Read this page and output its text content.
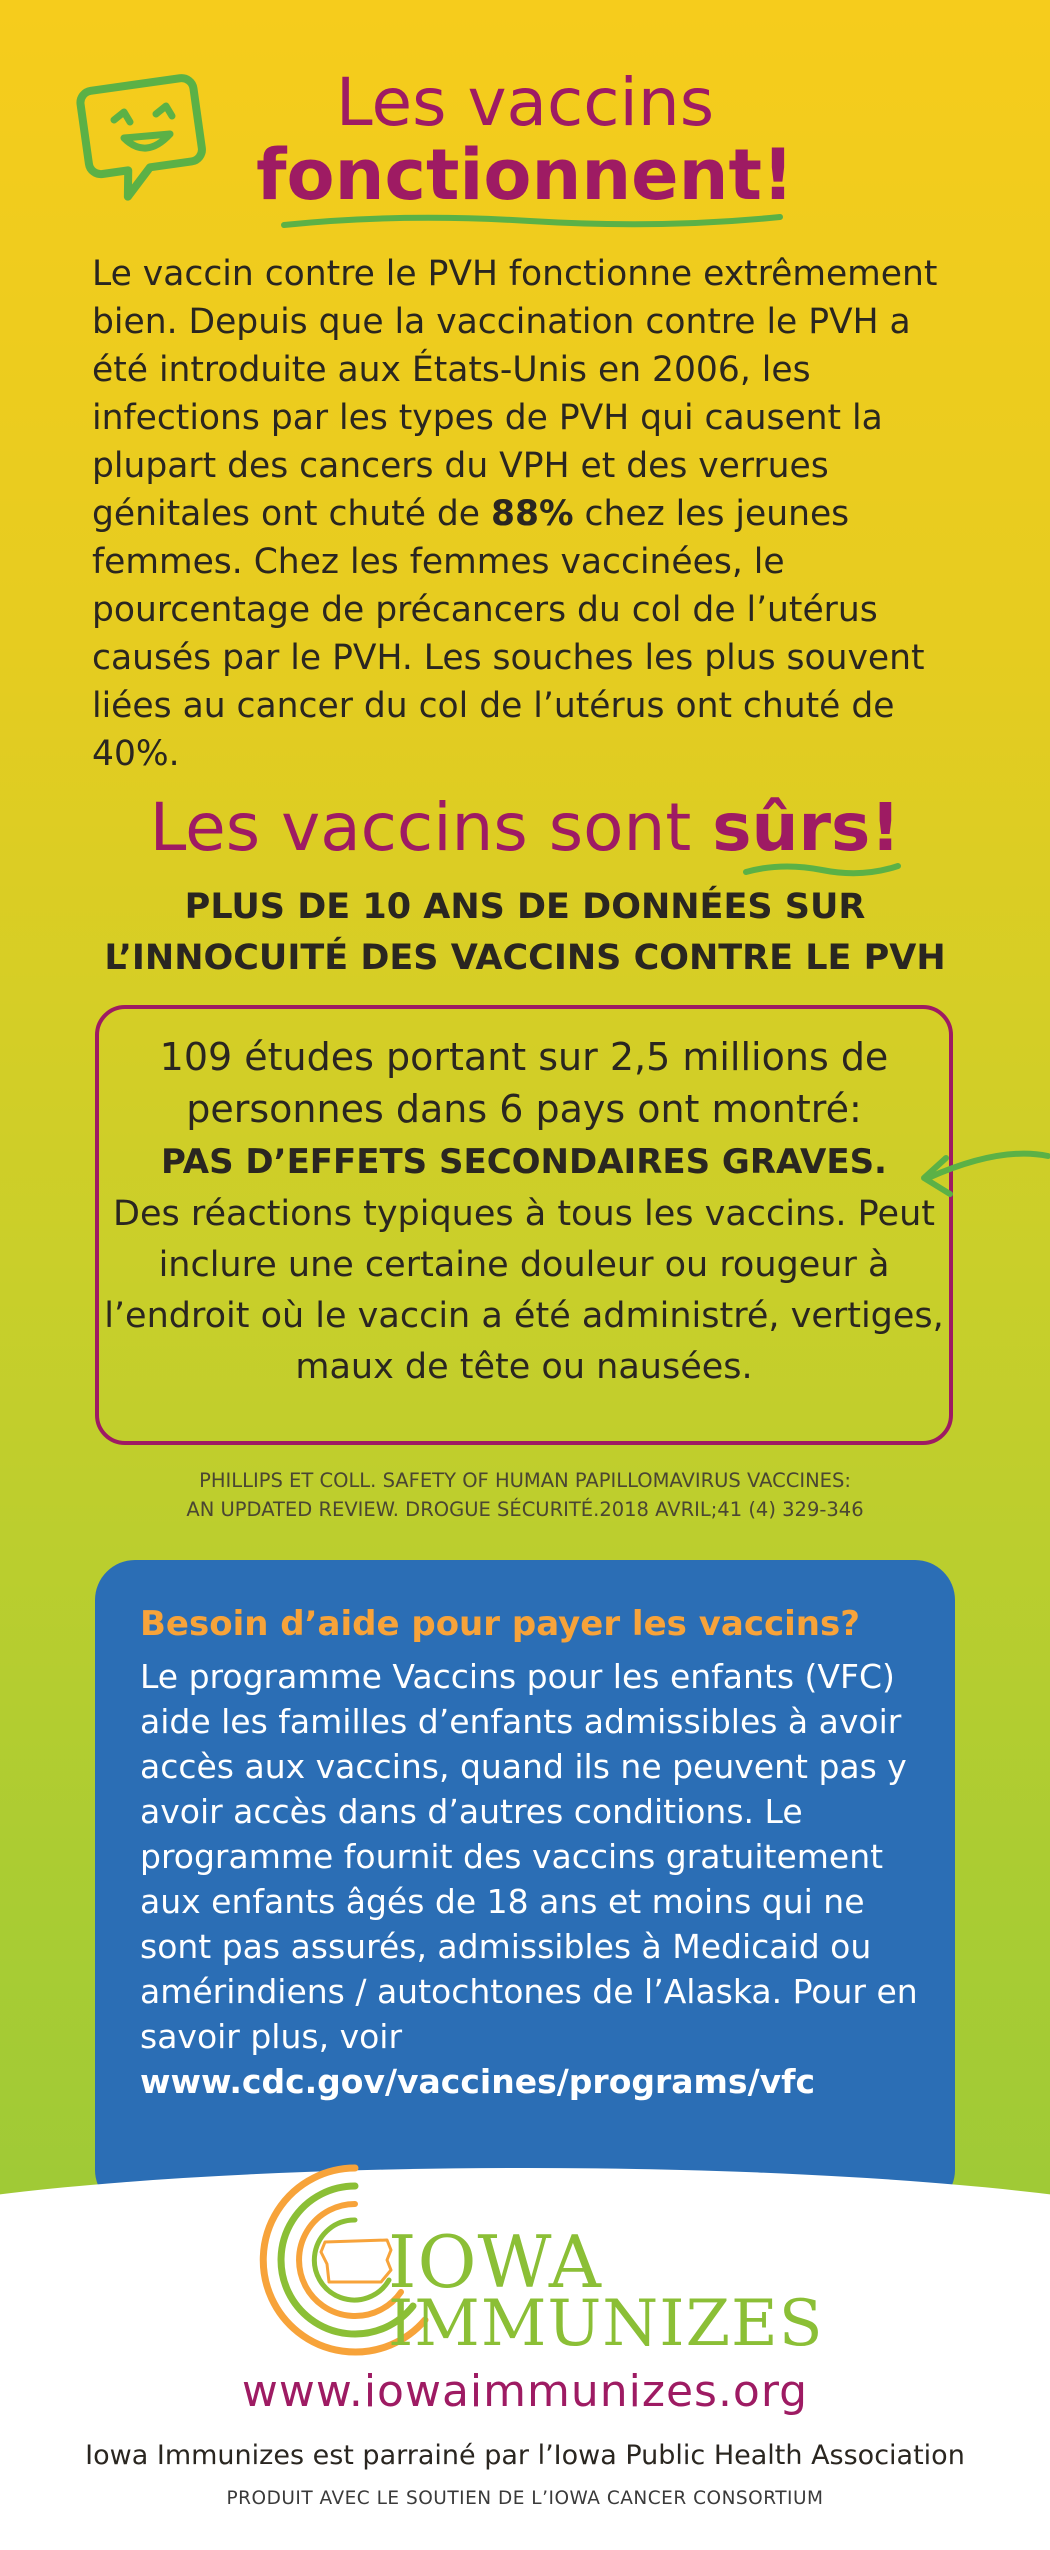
Les vaccins
fonctionnent!
Le vaccin contre le PVH fonctionne extrêmement bien. Depuis que la vaccination contre le PVH a été introduite aux États-Unis en 2006, les infections par les types de PVH qui causent la plupart des cancers du VPH et des verrues génitales ont chuté de 88% chez les jeunes femmes. Chez les femmes vaccinées, le pourcentage de précancers du col de l’utérus causés par le PVH. Les souches les plus souvent liées au cancer du col de l’utérus ont chuté de 40%.
Les vaccins sont sûrs!
PLUS DE 10 ANS DE DONNÉES SUR
L’INNOCUITÉ DES VACCINS CONTRE LE PVH
109 études portant sur 2,5 millions de personnes dans 6 pays ont montré:
PAS D’EFFETS SECONDAIRES GRAVES.
Des réactions typiques à tous les vaccins. Peut inclure une certaine douleur ou rougeur à l’endroit où le vaccin a été administré, vertiges, maux de tête ou nausées.
PHILLIPS ET COLL. SAFETY OF HUMAN PAPILLOMAVIRUS VACCINES:
AN UPDATED REVIEW. DROGUE SÉCURITÉ.2018 AVRIL;41 (4) 329-346
Besoin d’aide pour payer les vaccins?
Le programme Vaccins pour les enfants (VFC) aide les familles d’enfants admissibles à avoir accès aux vaccins, quand ils ne peuvent pas y avoir accès dans d’autres conditions. Le programme fournit des vaccins gratuitement aux enfants âgés de 18 ans et moins qui ne sont pas assurés, admissibles à Medicaid ou amérindiens / autochtones de l’Alaska. Pour en savoir plus, voir www.cdc.gov/vaccines/programs/vfc
IOWA
IMMUNIZES
www.iowaimmunizes.org
Iowa Immunizes est parrainé par l’Iowa Public Health Association
PRODUIT AVEC LE SOUTIEN DE L’IOWA CANCER CONSORTIUM
